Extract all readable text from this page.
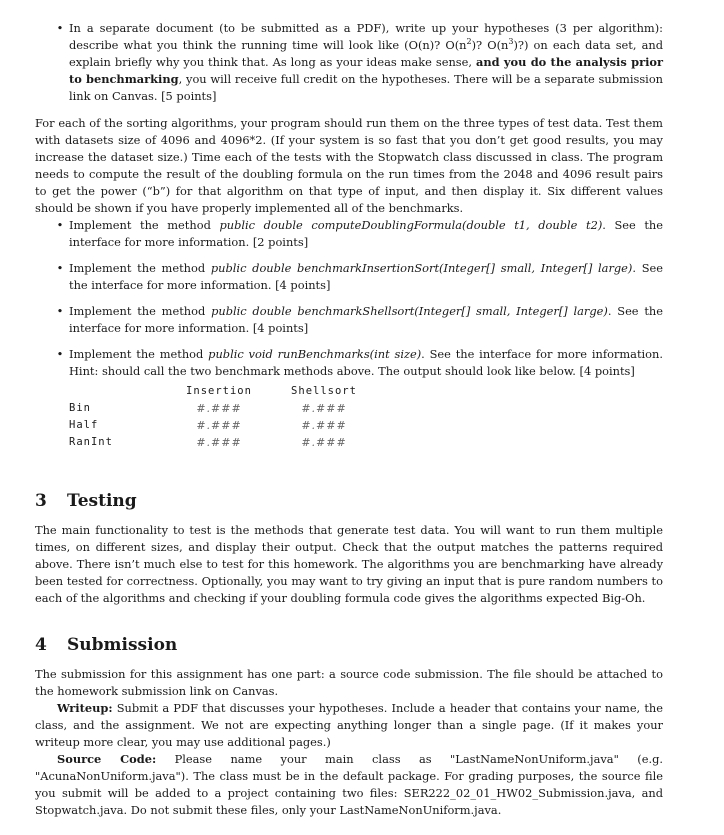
• In a separate document (to be submitted as a PDF), write up your hypotheses (3 per algorithm): describe what you think the running time will look like (O(n)? $O(n^2)$? $O(n^3)$?) on each data set, and explain briefly why you think that. As long as your ideas make sense, and you do the analysis prior to benchmarking, you will receive full credit on the hypotheses. There will be a separate submission link on Canvas. [5 points]

For each of the sorting algorithms, your program should run them on the three types of test data. Test them with datasets size of 4096 and 4096*2. (If your system is so fast that you don’t get good results, you may increase the dataset size.) Time each of the tests with the Stopwatch class discussed in class. The program needs to compute the result of the doubling formula on the run times from the 2048 and 4096 result pairs to get the power (“b”) for that algorithm on that type of input, and then display it. Six different values should be shown if you have properly implemented all of the benchmarks.

• Implement the method public double computeDoublingFormula(double t1, double t2). See the interface for more information. [2 points]
• Implement the method public double benchmarkInsertionSort(Integer[] small, Integer[] large). See the interface for more information. [4 points]
• Implement the method public double benchmarkShellsort(Integer[] small, Integer[] large). See the interface for more information. [4 points]
• Implement the method public void runBenchmarks(int size). See the interface for more information. Hint: should call the two benchmark methods above. The output should look like below. [4 points]
	Insertion	Shellsort
Bin	#.###	#.###
Half	#.###	#.###
RanInt	#.###	#.###
3 Testing

The main functionality to test is the methods that generate test data. You will want to run them multiple times, on different sizes, and display their output. Check that the output matches the patterns required above. There isn’t much else to test for this homework. The algorithms you are benchmarking have already been tested for correctness. Optionally, you may want to try giving an input that is pure random numbers to each of the algorithms and checking if your doubling formula code gives the algorithms expected Big-Oh.

4 Submission

The submission for this assignment has one part: a source code submission. The file should be attached to the homework submission link on Canvas.

Writeup: Submit a PDF that discusses your hypotheses. Include a header that contains your name, the class, and the assignment. We not are expecting anything longer than a single page. (If it makes your writeup more clear, you may use additional pages.)

Source Code: Please name your main class as "LastNameNonUniform.java" (e.g. "AcunaNonUniform.java"). The class must be in the default package. For grading purposes, the source file you submit will be added to a project containing two files: SER222_02_01_HW02_Submission.java, and Stopwatch.java. Do not submit these files, only your LastNameNonUniform.java.
